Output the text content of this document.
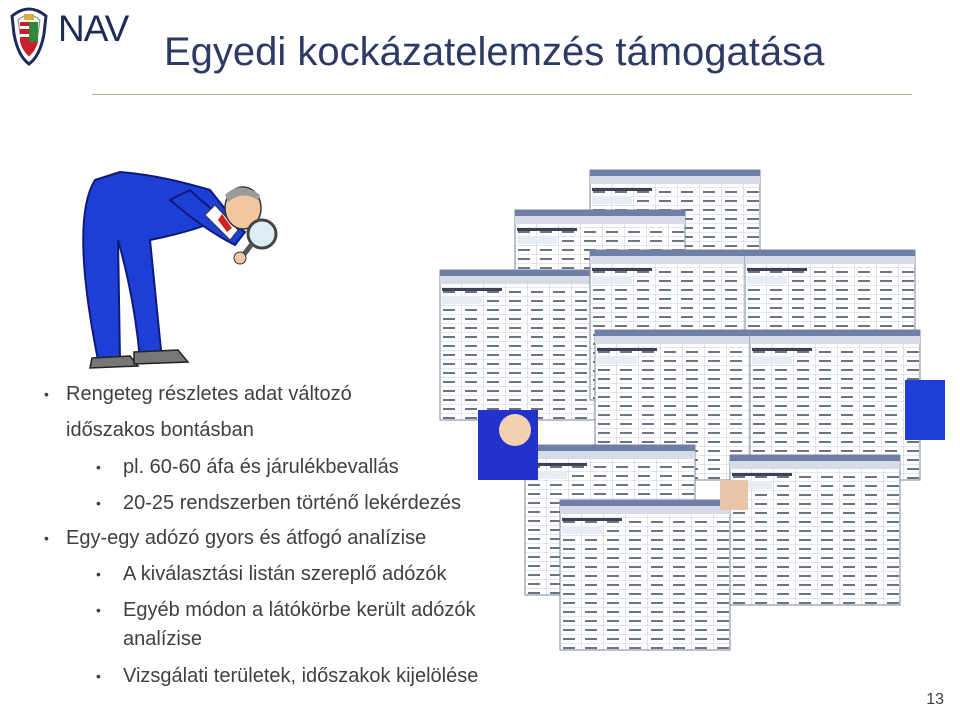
NAV
Egyedi kockázatelemzés támogatása
• Rengeteg részletes adat változó
időszakos bontásban
• pl. 60-60 áfa és járulékbevallás
• 20-25 rendszerben történő lekérdezés
• Egy-egy adózó gyors és átfogó analízise
• A kiválasztási listán szereplő adózók
• Egyéb módon a látókörbe került adózók
analízise
• Vizsgálati területek, időszakok kijelölése
13
